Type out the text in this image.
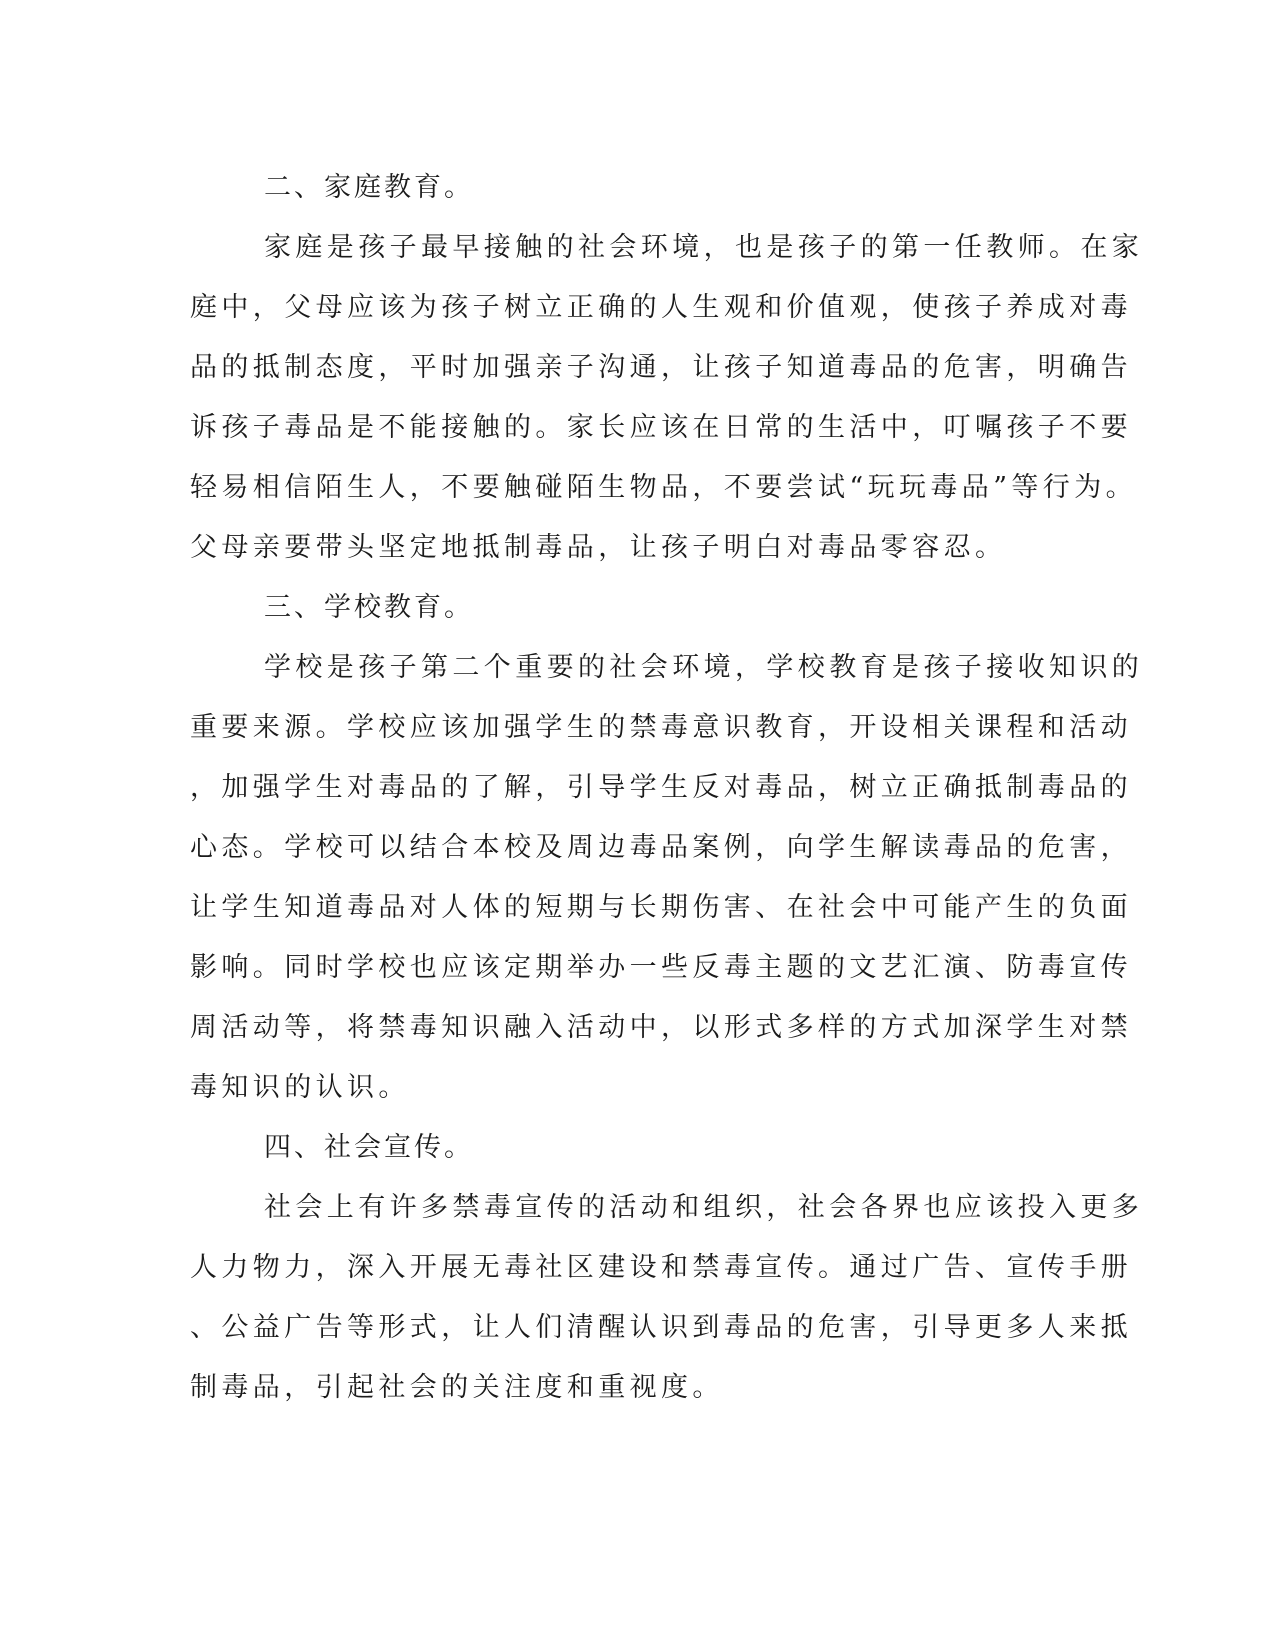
二、家庭教育。

家庭是孩子最早接触的社会环境，也是孩子的第一任教师。在家
庭中，父母应该为孩子树立正确的人生观和价值观，使孩子养成对毒
品的抵制态度，平时加强亲子沟通，让孩子知道毒品的危害，明确告
诉孩子毒品是不能接触的。家长应该在日常的生活中，叮嘱孩子不要
轻易相信陌生人，不要触碰陌生物品，不要尝试“玩玩毒品”等行为。
父母亲要带头坚定地抵制毒品，让孩子明白对毒品零容忍。

三、学校教育。

学校是孩子第二个重要的社会环境，学校教育是孩子接收知识的
重要来源。学校应该加强学生的禁毒意识教育，开设相关课程和活动
，加强学生对毒品的了解，引导学生反对毒品，树立正确抵制毒品的
心态。学校可以结合本校及周边毒品案例，向学生解读毒品的危害，
让学生知道毒品对人体的短期与长期伤害、在社会中可能产生的负面
影响。同时学校也应该定期举办一些反毒主题的文艺汇演、防毒宣传
周活动等，将禁毒知识融入活动中，以形式多样的方式加深学生对禁
毒知识的认识。

四、社会宣传。

社会上有许多禁毒宣传的活动和组织，社会各界也应该投入更多
人力物力，深入开展无毒社区建设和禁毒宣传。通过广告、宣传手册
、公益广告等形式，让人们清醒认识到毒品的危害，引导更多人来抵
制毒品，引起社会的关注度和重视度。
